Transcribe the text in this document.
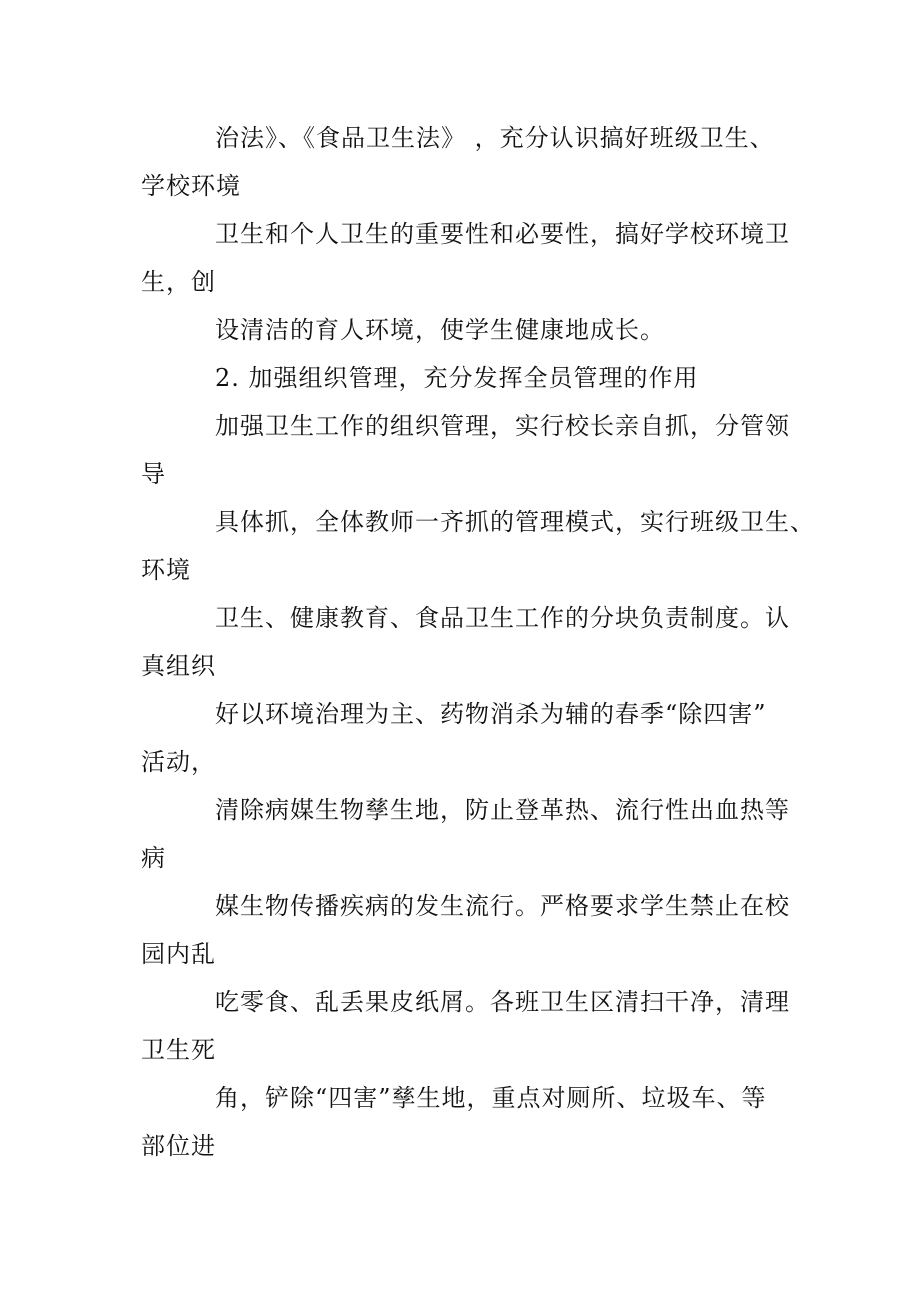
治法》、《食品卫生法》 ，充分认识搞好班级卫生、
学校环境
卫生和个人卫生的重要性和必要性，搞好学校环境卫
生，创
设清洁的育人环境，使学生健康地成长。
2. 加强组织管理，充分发挥全员管理的作用
加强卫生工作的组织管理，实行校长亲自抓，分管领
导
具体抓，全体教师一齐抓的管理模式，实行班级卫生、
环境
卫生、健康教育、食品卫生工作的分块负责制度。认
真组织
好以环境治理为主、药物消杀为辅的春季“除四害”
活动，
清除病媒生物孳生地，防止登革热、流行性出血热等
病
媒生物传播疾病的发生流行。严格要求学生禁止在校
园内乱
吃零食、乱丢果皮纸屑。各班卫生区清扫干净，清理
卫生死
角，铲除“四害”孳生地，重点对厕所、垃圾车、等
部位进
